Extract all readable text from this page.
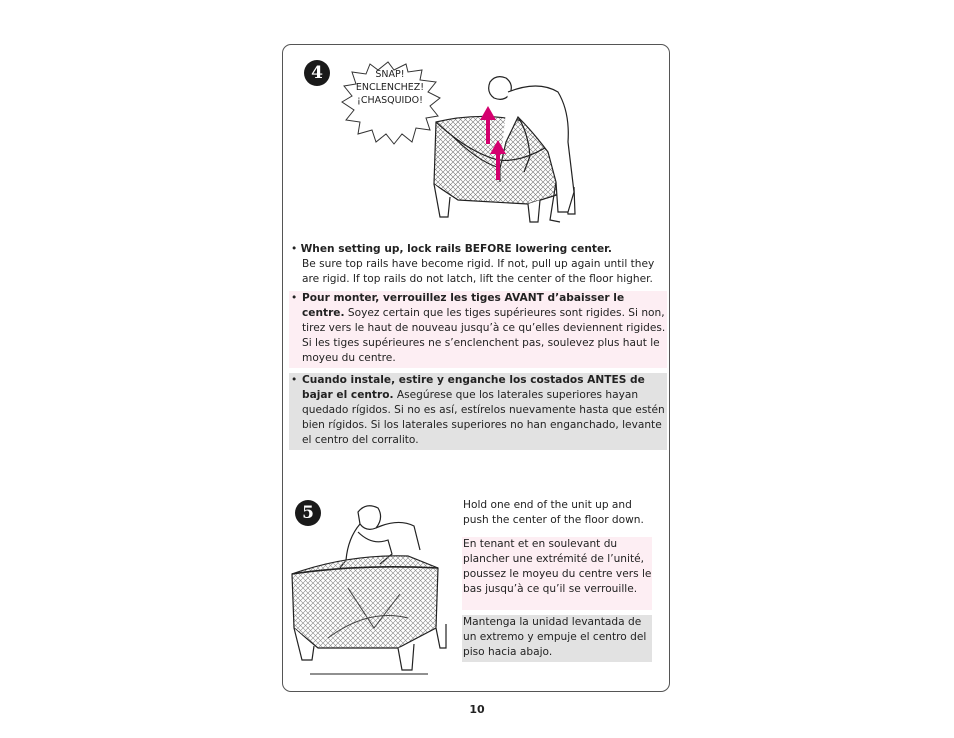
4	SNAP!
ENCLENCHEZ!
¡CHASQUIDO!
• When setting up, lock rails BEFORE lowering center.
Be sure top rails have become rigid. If not, pull up again until they are rigid. If top rails do not latch, lift the center of the floor higher.
• Pour monter, verrouillez les tiges AVANT d’abaisser le centre. Soyez certain que les tiges supérieures sont rigides. Si non, tirez vers le haut de nouveau jusqu’à ce qu’elles deviennent rigides. Si les tiges supérieures ne s’enclenchent pas, soulevez plus haut le moyeu du centre.
• Cuando instale, estire y enganche los costados ANTES de bajar el centro. Asegúrese que los laterales superiores hayan quedado rígidos. Si no es así, estírelos nuevamente hasta que estén bien rígidos. Si los laterales superiores no han enganchado, levante el centro del corralito.
5	Hold one end of the unit up and push the center of the floor down.
En tenant et en soulevant du plancher une extrémité de l’unité, poussez le moyeu du centre vers le bas jusqu’à ce qu’il se verrouille.
Mantenga la unidad levantada de un extremo y empuje el centro del piso hacia abajo.
10
